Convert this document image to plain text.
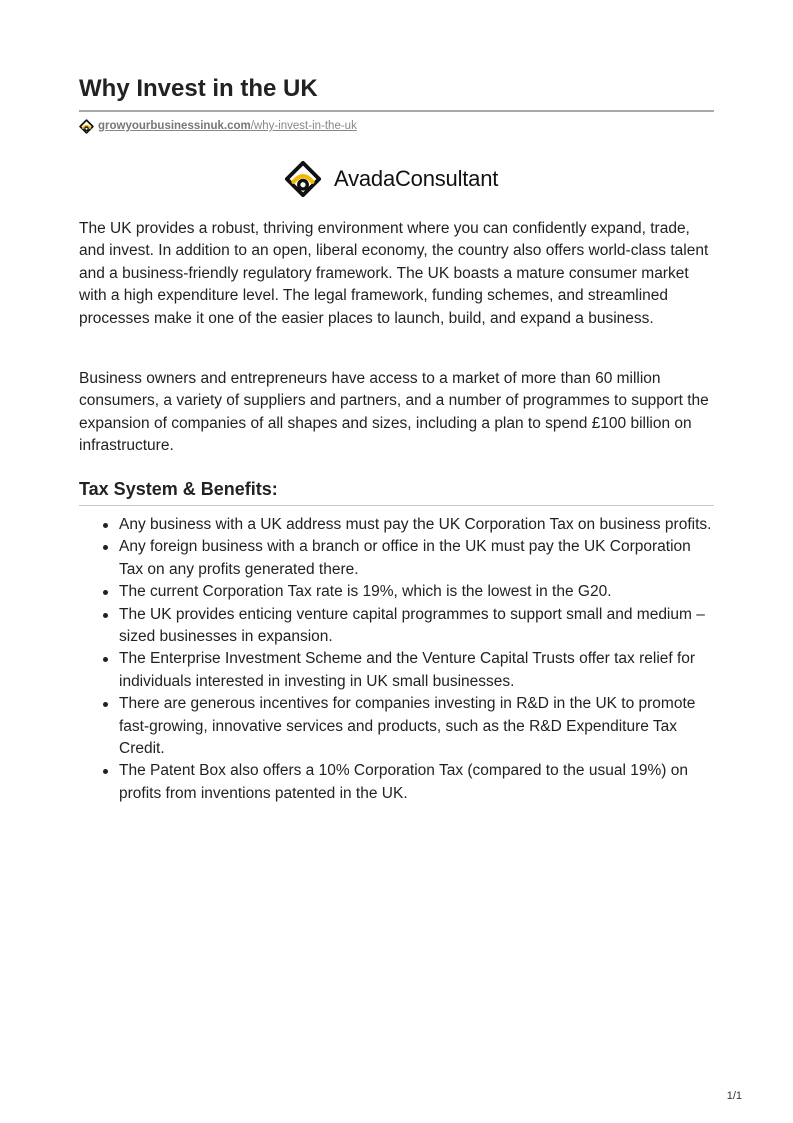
Why Invest in the UK
growyourbusinessinuk.com/why-invest-in-the-uk
AvadaConsultant

The UK provides a robust, thriving environment where you can confidently expand, trade, and invest. In addition to an open, liberal economy, the country also offers world-class talent and a business-friendly regulatory framework. The UK boasts a mature consumer market with a high expenditure level. The legal framework, funding schemes, and streamlined processes make it one of the easier places to launch, build, and expand a business.

Business owners and entrepreneurs have access to a market of more than 60 million consumers, a variety of suppliers and partners, and a number of programmes to support the expansion of companies of all shapes and sizes, including a plan to spend £100 billion on infrastructure.

Tax System & Benefits:
Any business with a UK address must pay the UK Corporation Tax on business profits.
Any foreign business with a branch or office in the UK must pay the UK Corporation Tax on any profits generated there.
The current Corporation Tax rate is 19%, which is the lowest in the G20.
The UK provides enticing venture capital programmes to support small and medium – sized businesses in expansion.
The Enterprise Investment Scheme and the Venture Capital Trusts offer tax relief for individuals interested in investing in UK small businesses.
There are generous incentives for companies investing in R&D in the UK to promote fast-growing, innovative services and products, such as the R&D Expenditure Tax Credit.
The Patent Box also offers a 10% Corporation Tax (compared to the usual 19%) on profits from inventions patented in the UK.
1/1
